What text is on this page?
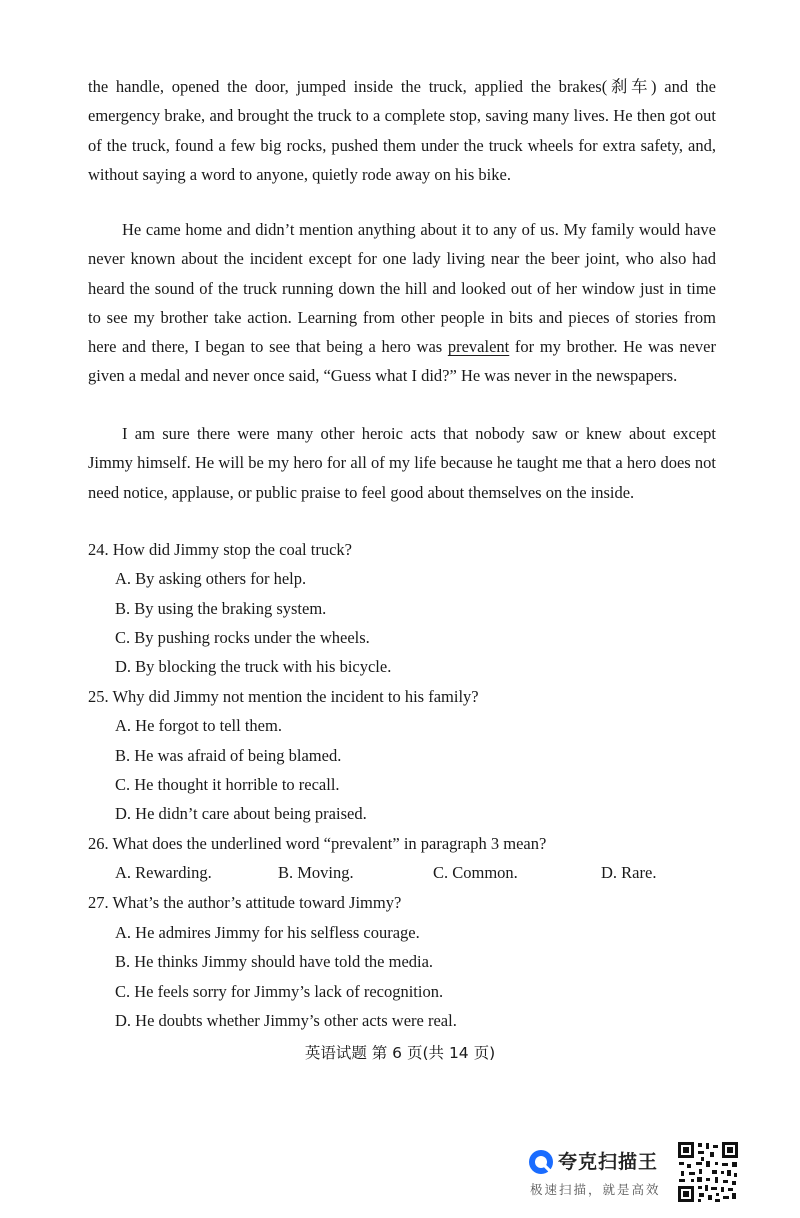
the handle, opened the door, jumped inside the truck, applied the brakes(刹车) and the emergency brake, and brought the truck to a complete stop, saving many lives. He then got out of the truck, found a few big rocks, pushed them under the truck wheels for extra safety, and, without saying a word to anyone, quietly rode away on his bike.

He came home and didn’t mention anything about it to any of us. My family would have never known about the incident except for one lady living near the beer joint, who also had heard the sound of the truck running down the hill and looked out of her window just in time to see my brother take action. Learning from other people in bits and pieces of stories from here and there, I began to see that being a hero was prevalent for my brother. He was never given a medal and never once said, “Guess what I did?” He was never in the newspapers.

I am sure there were many other heroic acts that nobody saw or knew about except Jimmy himself. He will be my hero for all of my life because he taught me that a hero does not need notice, applause, or public praise to feel good about themselves on the inside.

24. How did Jimmy stop the coal truck?
A. By asking others for help.
B. By using the braking system.
C. By pushing rocks under the wheels.
D. By blocking the truck with his bicycle.
25. Why did Jimmy not mention the incident to his family?
A. He forgot to tell them.
B. He was afraid of being blamed.
C. He thought it horrible to recall.
D. He didn’t care about being praised.
26. What does the underlined word “prevalent” in paragraph 3 mean?
A. Rewarding.	B. Moving.	C. Common.	D. Rare.
27. What’s the author’s attitude toward Jimmy?
A. He admires Jimmy for his selfless courage.
B. He thinks Jimmy should have told the media.
C. He feels sorry for Jimmy’s lack of recognition.
D. He doubts whether Jimmy’s other acts were real.
英语试题 第 6 页(共 14 页)
夸克扫描王
极速扫描，就是高效
